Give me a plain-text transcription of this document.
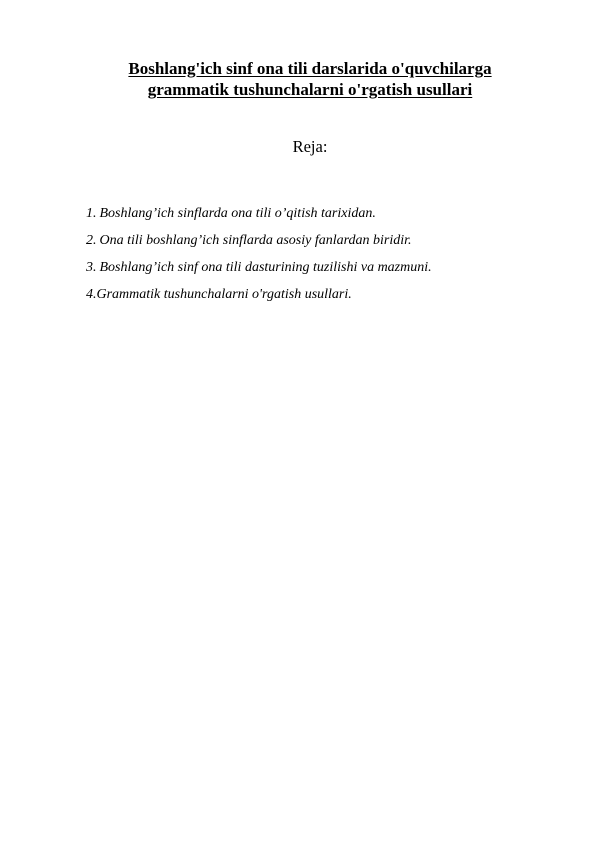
Boshlang'ich sinf ona tili darslarida o'quvchilarga
grammatik tushunchalarni o'rgatish usullari
Reja:
1. Boshlang’ich sinflarda ona tili o’qitish tarixidan.
2. Ona tili boshlang’ich sinflarda asosiy fanlardan biridir.
3. Boshlang’ich sinf ona tili dasturining tuzilishi va mazmuni.
4.Grammatik tushunchalarni o'rgatish usullari.
